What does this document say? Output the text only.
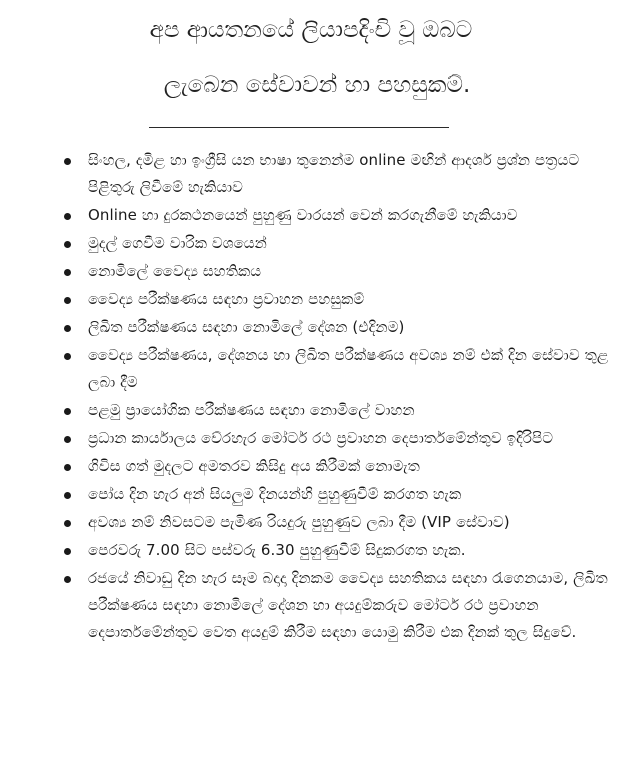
අප ආයතනයේ ලියාපදිංචි වූ ඔබට
ලැබෙන සේවාවන් හා පහසුකම්.
සිංහල, දමිළ හා ඉංග්‍රීසි යන භාෂා තුනෙන්ම online මඟින් ආදර්ශ ප්‍රශ්න පත්‍රයට පිළිතුරු ලිවීමේ හැකියාව
Online හා දුරකථනයෙන් පුහුණු වාරයන් වෙන් කරගැනීමේ හැකියාව
මුදල් ගෙවීම වාරික වශයෙන්
නොමිලේ වෛද්‍ය සහතිකය
වෛද්‍ය පරීක්ෂණය සඳහා ප්‍රවාහන පහසුකම්
ලිඛිත පරීක්ෂණය සඳහා නොමිලේ දේශන (එදිනම)
වෛද්‍ය පරීක්ෂණය, දේශනය හා ලිඛිත පරීක්ෂණය අවශ්‍ය නම් එක් දින සේවාව තුළ ලබා දීම
පළමු ප්‍රායෝගික පරීක්ෂණය සඳහා නොමිලේ වාහන
ප්‍රධාන කාර්යාලය වේරහැර මෝටර් රථ ප්‍රවාහන දෙපාර්තමේන්තුව ඉදිරිපිට
ගිවිස ගත් මුදලට අමතරව කිසිදු අය කිරීමක් නොමැත
පෝය දින හැර අන් සියලුම දිනයන්හි පුහුණුවීම් කරගත හැක
අවශ්‍ය නම් නිවසටම පැමිණ රියදුරු පුහුණුව ලබා දීම (VIP සේවාව)
පෙරවරු 7.00 සිට පස්වරු 6.30 පුහුණුවීම් සිදුකරගත හැක.
රජයේ නිවාඩු දින හැර සෑම බදාදා දිනකම වෛද්‍ය සහතිකය සඳහා රැගෙනයාම, ලිඛිත පරීක්ෂණය සඳහා නොමිලේ දේශන හා අයදුම්කරුව මෝටර් රථ ප්‍රවාහන දෙපාර්තමේන්තුව වෙත අයදුම් කිරීම සඳහා යොමු කිරීම එක දිනක් තුල සිදුවේ.
